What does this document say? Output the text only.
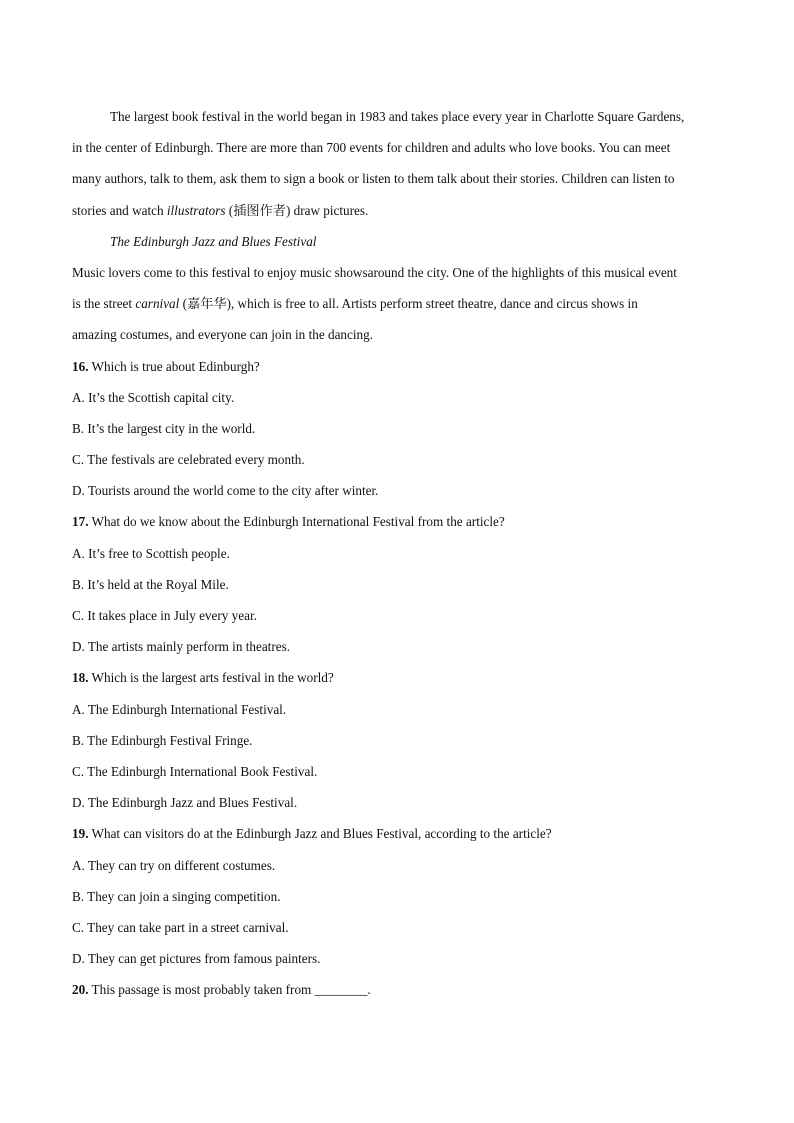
The largest book festival in the world began in 1983 and takes place every year in Charlotte Square Gardens,
in the center of Edinburgh. There are more than 700 events for children and adults who love books. You can meet
many authors, talk to them, ask them to sign a book or listen to them talk about their stories. Children can listen to
stories and watch illustrators (插图作者) draw pictures.
The Edinburgh Jazz and Blues Festival
Music lovers come to this festival to enjoy music showsaround the city. One of the highlights of this musical event
is the street carnival (嘉年华), which is free to all. Artists perform street theatre, dance and circus shows in
amazing costumes, and everyone can join in the dancing.
16. Which is true about Edinburgh?
A. It’s the Scottish capital city.
B. It’s the largest city in the world.
C. The festivals are celebrated every month.
D. Tourists around the world come to the city after winter.
17. What do we know about the Edinburgh International Festival from the article?
A. It’s free to Scottish people.
B. It’s held at the Royal Mile.
C. It takes place in July every year.
D. The artists mainly perform in theatres.
18. Which is the largest arts festival in the world?
A. The Edinburgh International Festival.
B. The Edinburgh Festival Fringe.
C. The Edinburgh International Book Festival.
D. The Edinburgh Jazz and Blues Festival.
19. What can visitors do at the Edinburgh Jazz and Blues Festival, according to the article?
A. They can try on different costumes.
B. They can join a singing competition.
C. They can take part in a street carnival.
D. They can get pictures from famous painters.
20. This passage is most probably taken from ________.
